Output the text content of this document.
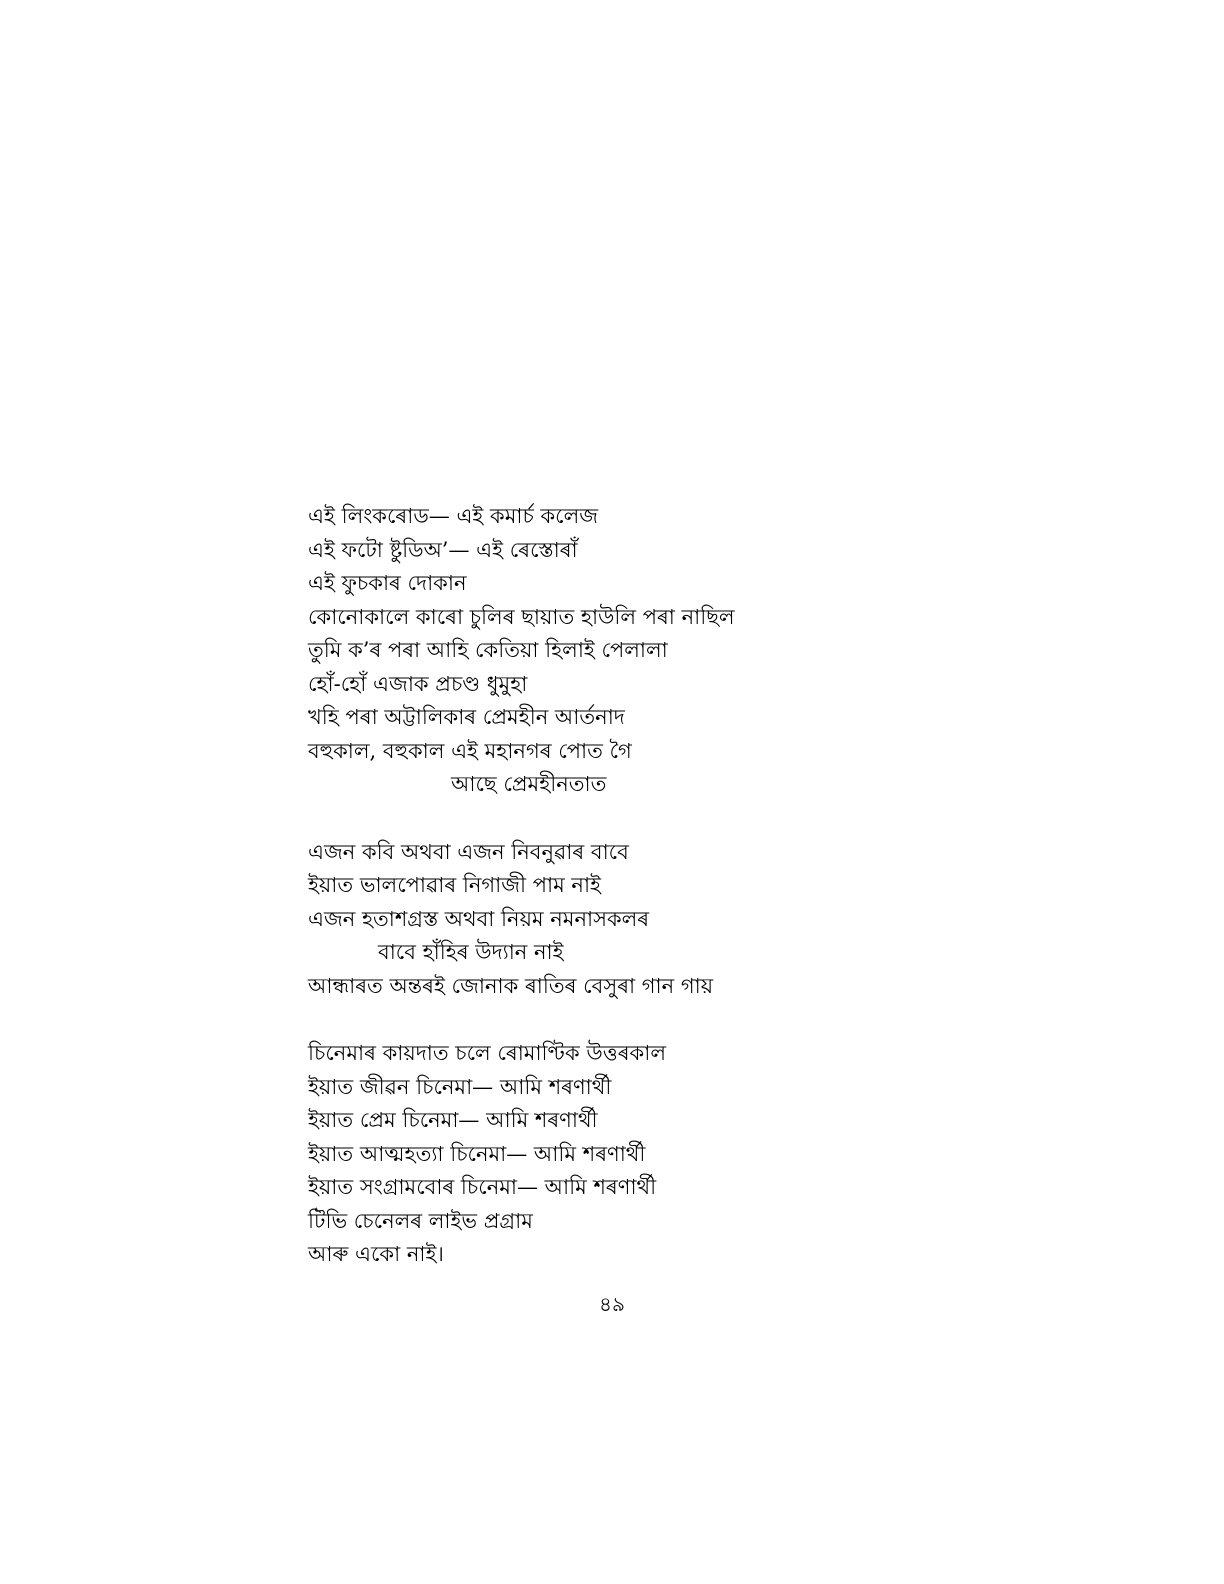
এই লিংকৰোড— এই কমাৰ্চ কলেজ
এই ফটো ষ্টুডিঅ’— এই ৰেস্তোৰাঁ
এই ফুচকাৰ দোকান
কোনোকালে কাৰো চুলিৰ ছায়াত হাউলি পৰা নাছিল
তুমি ক’ৰ পৰা আহি কেতিয়া হিলাই পেলালা
হোঁ-হোঁ এজাক প্ৰচণ্ড ধুমুহা
খহি পৰা অট্টালিকাৰ প্ৰেমহীন আৰ্তনাদ
বহুকাল, বহুকাল এই মহানগৰ পোত গৈ
আছে প্ৰেমহীনতাত
এজন কবি অথবা এজন নিবনুৱাৰ বাবে
ইয়াত ভালপোৱাৰ নিগাজী পাম নাই
এজন হতাশগ্ৰস্ত অথবা নিয়ম নমনাসকলৰ
বাবে হাঁহিৰ উদ্যান নাই
আন্ধাৰত অন্তৰই জোনাক ৰাতিৰ বেসুৰা গান গায়
চিনেমাৰ কায়দাত চলে ৰোমাণ্টিক উত্তৰকাল
ইয়াত জীৱন চিনেমা— আমি শৰণাৰ্থী
ইয়াত প্ৰেম চিনেমা— আমি শৰণাৰ্থী
ইয়াত আত্মহত্যা চিনেমা— আমি শৰণাৰ্থী
ইয়াত সংগ্ৰামবোৰ চিনেমা— আমি শৰণাৰ্থী
টিভি চেনেলৰ লাইভ প্ৰগ্ৰাম
আৰু একো নাই।
৪৯
